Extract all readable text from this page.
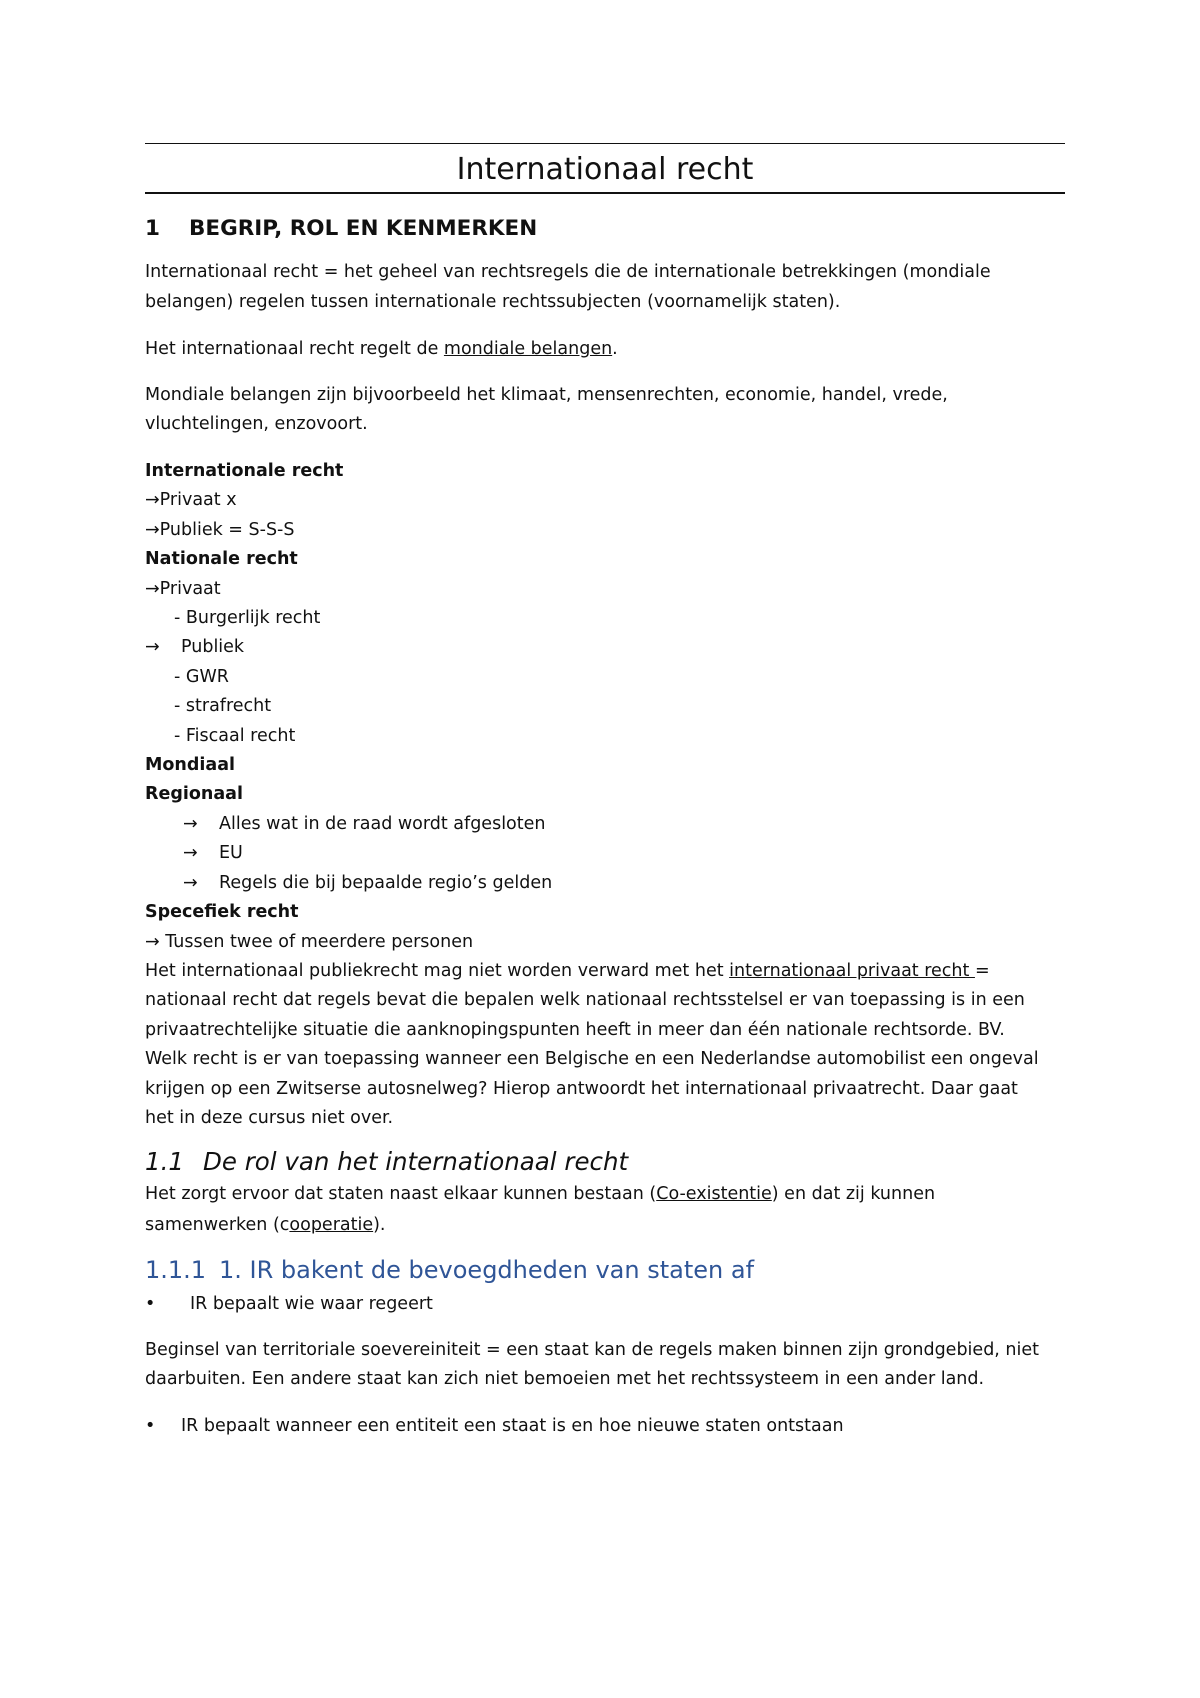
Internationaal recht
1 BEGRIP, ROL EN KENMERKEN
Internationaal recht = het geheel van rechtsregels die de internationale betrekkingen (mondiale
belangen) regelen tussen internationale rechtssubjecten (voornamelijk staten).
Het internationaal recht regelt de mondiale belangen.
Mondiale belangen zijn bijvoorbeeld het klimaat, mensenrechten, economie, handel, vrede,
vluchtelingen, enzovoort.
Internationale recht
→Privaat x
→Publiek = S-S-S
Nationale recht
→Privaat
- Burgerlijk recht
→ Publiek
- GWR
- strafrecht
- Fiscaal recht
Mondiaal
Regionaal
→ Alles wat in de raad wordt afgesloten
→ EU
→ Regels die bij bepaalde regio’s gelden
Specefiek recht
→ Tussen twee of meerdere personen
Het internationaal publiekrecht mag niet worden verward met het internationaal privaat recht =
nationaal recht dat regels bevat die bepalen welk nationaal rechtsstelsel er van toepassing is in een
privaatrechtelijke situatie die aanknopingspunten heeft in meer dan één nationale rechtsorde. BV.
Welk recht is er van toepassing wanneer een Belgische en een Nederlandse automobilist een ongeval
krijgen op een Zwitserse autosnelweg? Hierop antwoordt het internationaal privaatrecht. Daar gaat
het in deze cursus niet over.
1.1 De rol van het internationaal recht
Het zorgt ervoor dat staten naast elkaar kunnen bestaan (Co-existentie) en dat zij kunnen
samenwerken (cooperatie).
1.1.1 1. IR bakent de bevoegdheden van staten af
• IR bepaalt wie waar regeert
Beginsel van territoriale soevereiniteit = een staat kan de regels maken binnen zijn grondgebied, niet
daarbuiten. Een andere staat kan zich niet bemoeien met het rechtssysteem in een ander land.
• IR bepaalt wanneer een entiteit een staat is en hoe nieuwe staten ontstaan
